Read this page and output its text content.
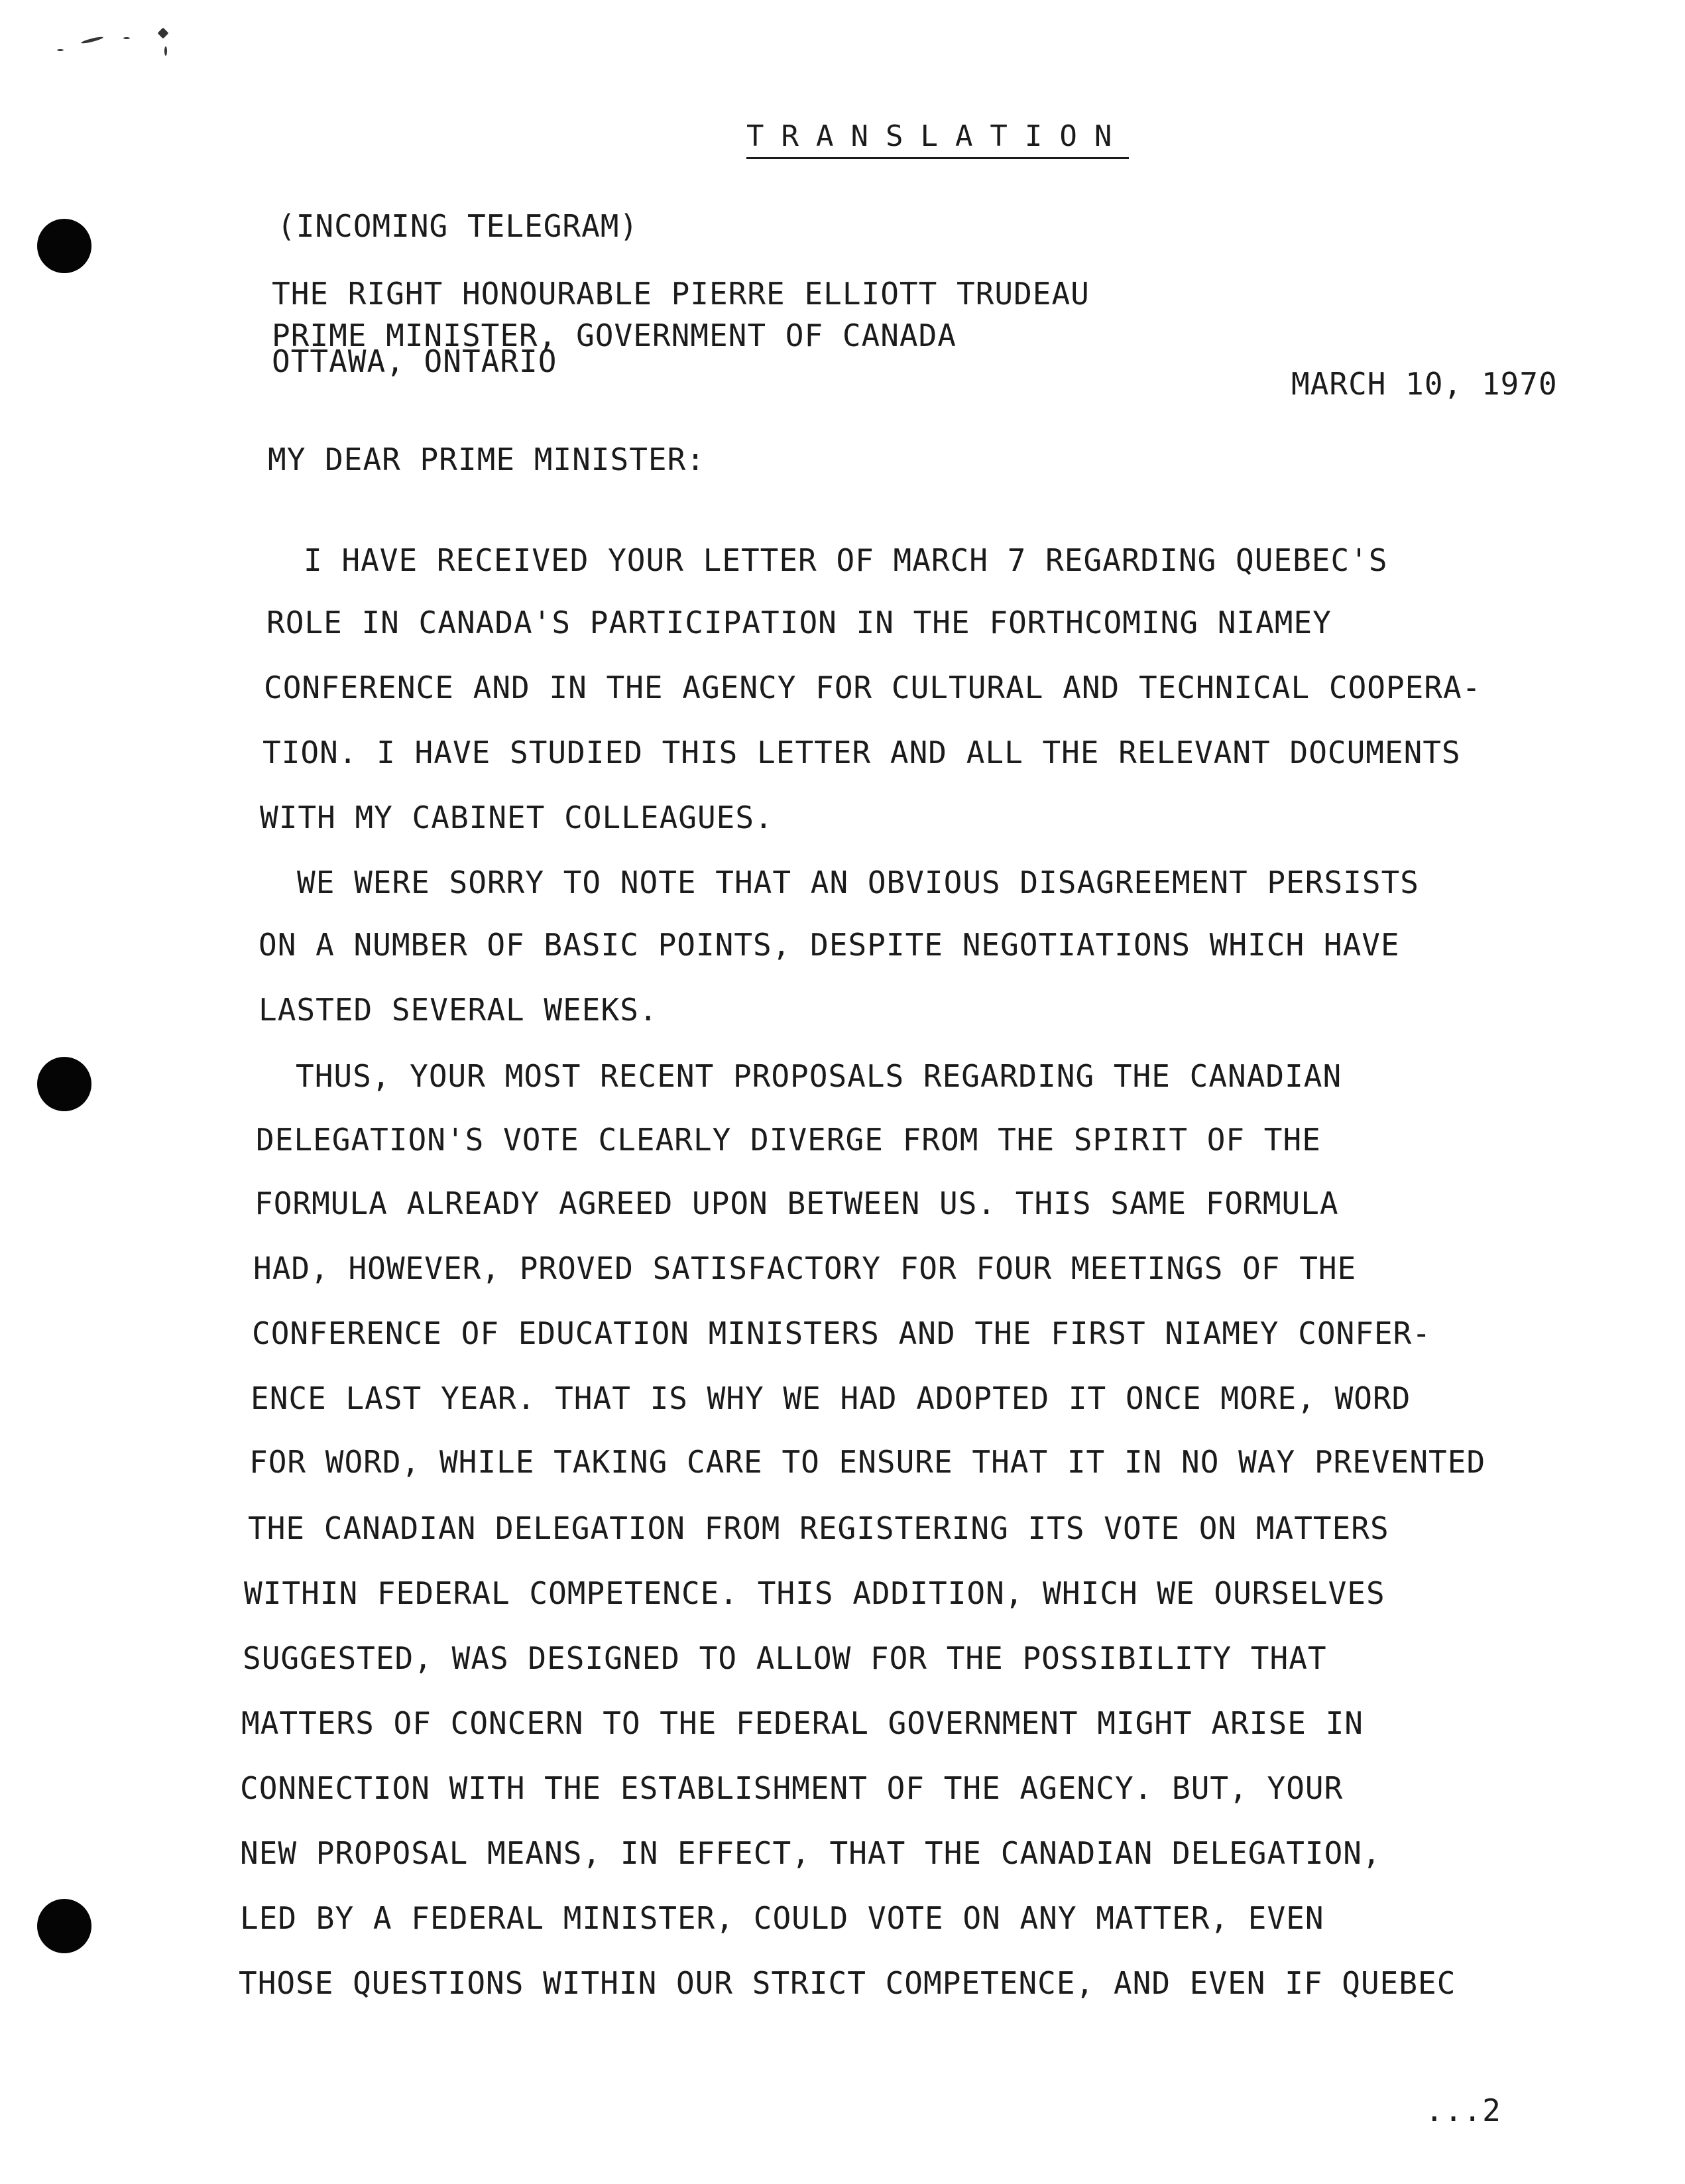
TRANSLATION
(INCOMING TELEGRAM)
THE RIGHT HONOURABLE PIERRE ELLIOTT TRUDEAU
PRIME MINISTER, GOVERNMENT OF CANADA
OTTAWA, ONTARIO
MARCH 10, 1970
MY DEAR PRIME MINISTER:
I HAVE RECEIVED YOUR LETTER OF MARCH 7 REGARDING QUEBEC'S
ROLE IN CANADA'S PARTICIPATION IN THE FORTHCOMING NIAMEY
CONFERENCE AND IN THE AGENCY FOR CULTURAL AND TECHNICAL COOPERA-
TION. I HAVE STUDIED THIS LETTER AND ALL THE RELEVANT DOCUMENTS
WITH MY CABINET COLLEAGUES.
WE WERE SORRY TO NOTE THAT AN OBVIOUS DISAGREEMENT PERSISTS
ON A NUMBER OF BASIC POINTS, DESPITE NEGOTIATIONS WHICH HAVE
LASTED SEVERAL WEEKS.
THUS, YOUR MOST RECENT PROPOSALS REGARDING THE CANADIAN
DELEGATION'S VOTE CLEARLY DIVERGE FROM THE SPIRIT OF THE
FORMULA ALREADY AGREED UPON BETWEEN US. THIS SAME FORMULA
HAD, HOWEVER, PROVED SATISFACTORY FOR FOUR MEETINGS OF THE
CONFERENCE OF EDUCATION MINISTERS AND THE FIRST NIAMEY CONFER-
ENCE LAST YEAR. THAT IS WHY WE HAD ADOPTED IT ONCE MORE, WORD
FOR WORD, WHILE TAKING CARE TO ENSURE THAT IT IN NO WAY PREVENTED
THE CANADIAN DELEGATION FROM REGISTERING ITS VOTE ON MATTERS
WITHIN FEDERAL COMPETENCE. THIS ADDITION, WHICH WE OURSELVES
SUGGESTED, WAS DESIGNED TO ALLOW FOR THE POSSIBILITY THAT
MATTERS OF CONCERN TO THE FEDERAL GOVERNMENT MIGHT ARISE IN
CONNECTION WITH THE ESTABLISHMENT OF THE AGENCY. BUT, YOUR
NEW PROPOSAL MEANS, IN EFFECT, THAT THE CANADIAN DELEGATION,
LED BY A FEDERAL MINISTER, COULD VOTE ON ANY MATTER, EVEN
THOSE QUESTIONS WITHIN OUR STRICT COMPETENCE, AND EVEN IF QUEBEC
...2
